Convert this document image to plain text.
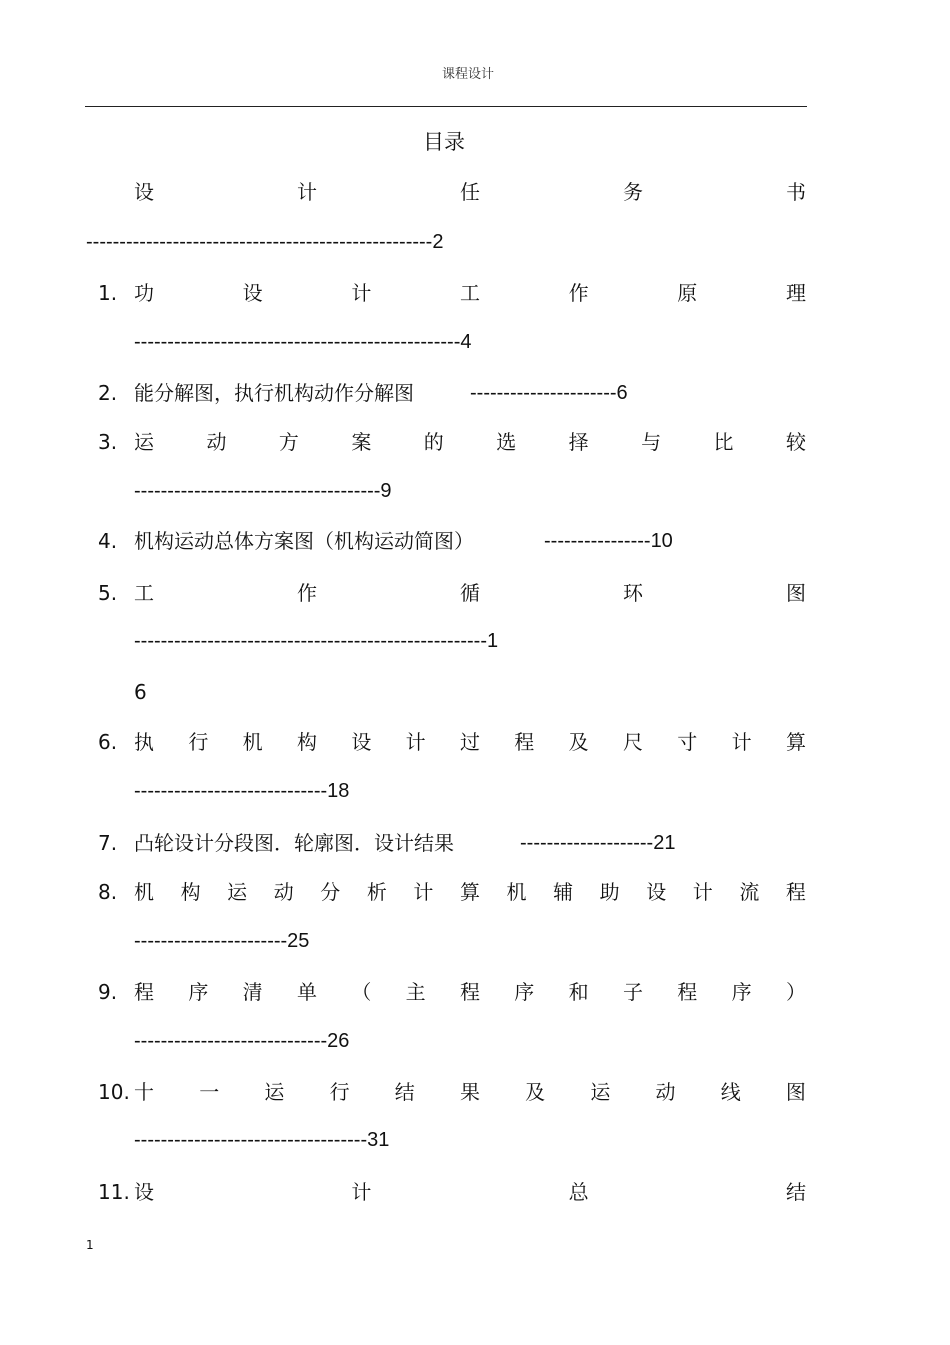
课程设计
目录
设	计	任	务	书
----------------------------------------------------2
1. 功	设	计	工	作	原	理
-------------------------------------------------4
2. 能分解图，执行机构动作分解图	----------------------6
3. 运	动	方	案	的	选	择	与	比	较
-------------------------------------9
4. 机构运动总体方案图（机构运动简图）	----------------10
5. 工	作	循	环	图
-----------------------------------------------------1
6
6. 执 行 机 构 设 计 过 程 及 尺 寸 计 算
-----------------------------18
7. 凸轮设计分段图．轮廓图．设计结果	--------------------21
8. 机 构 运 动 分 析 计 算 机 辅 助 设 计 流 程
-----------------------25
9. 程 序 清 单 （ 主 程 序 和 子 程 序 ）
-----------------------------26
10. 十 一 运 行 结 果 及 运 动 线 图
-----------------------------------31
11. 设	计	总	结
1
